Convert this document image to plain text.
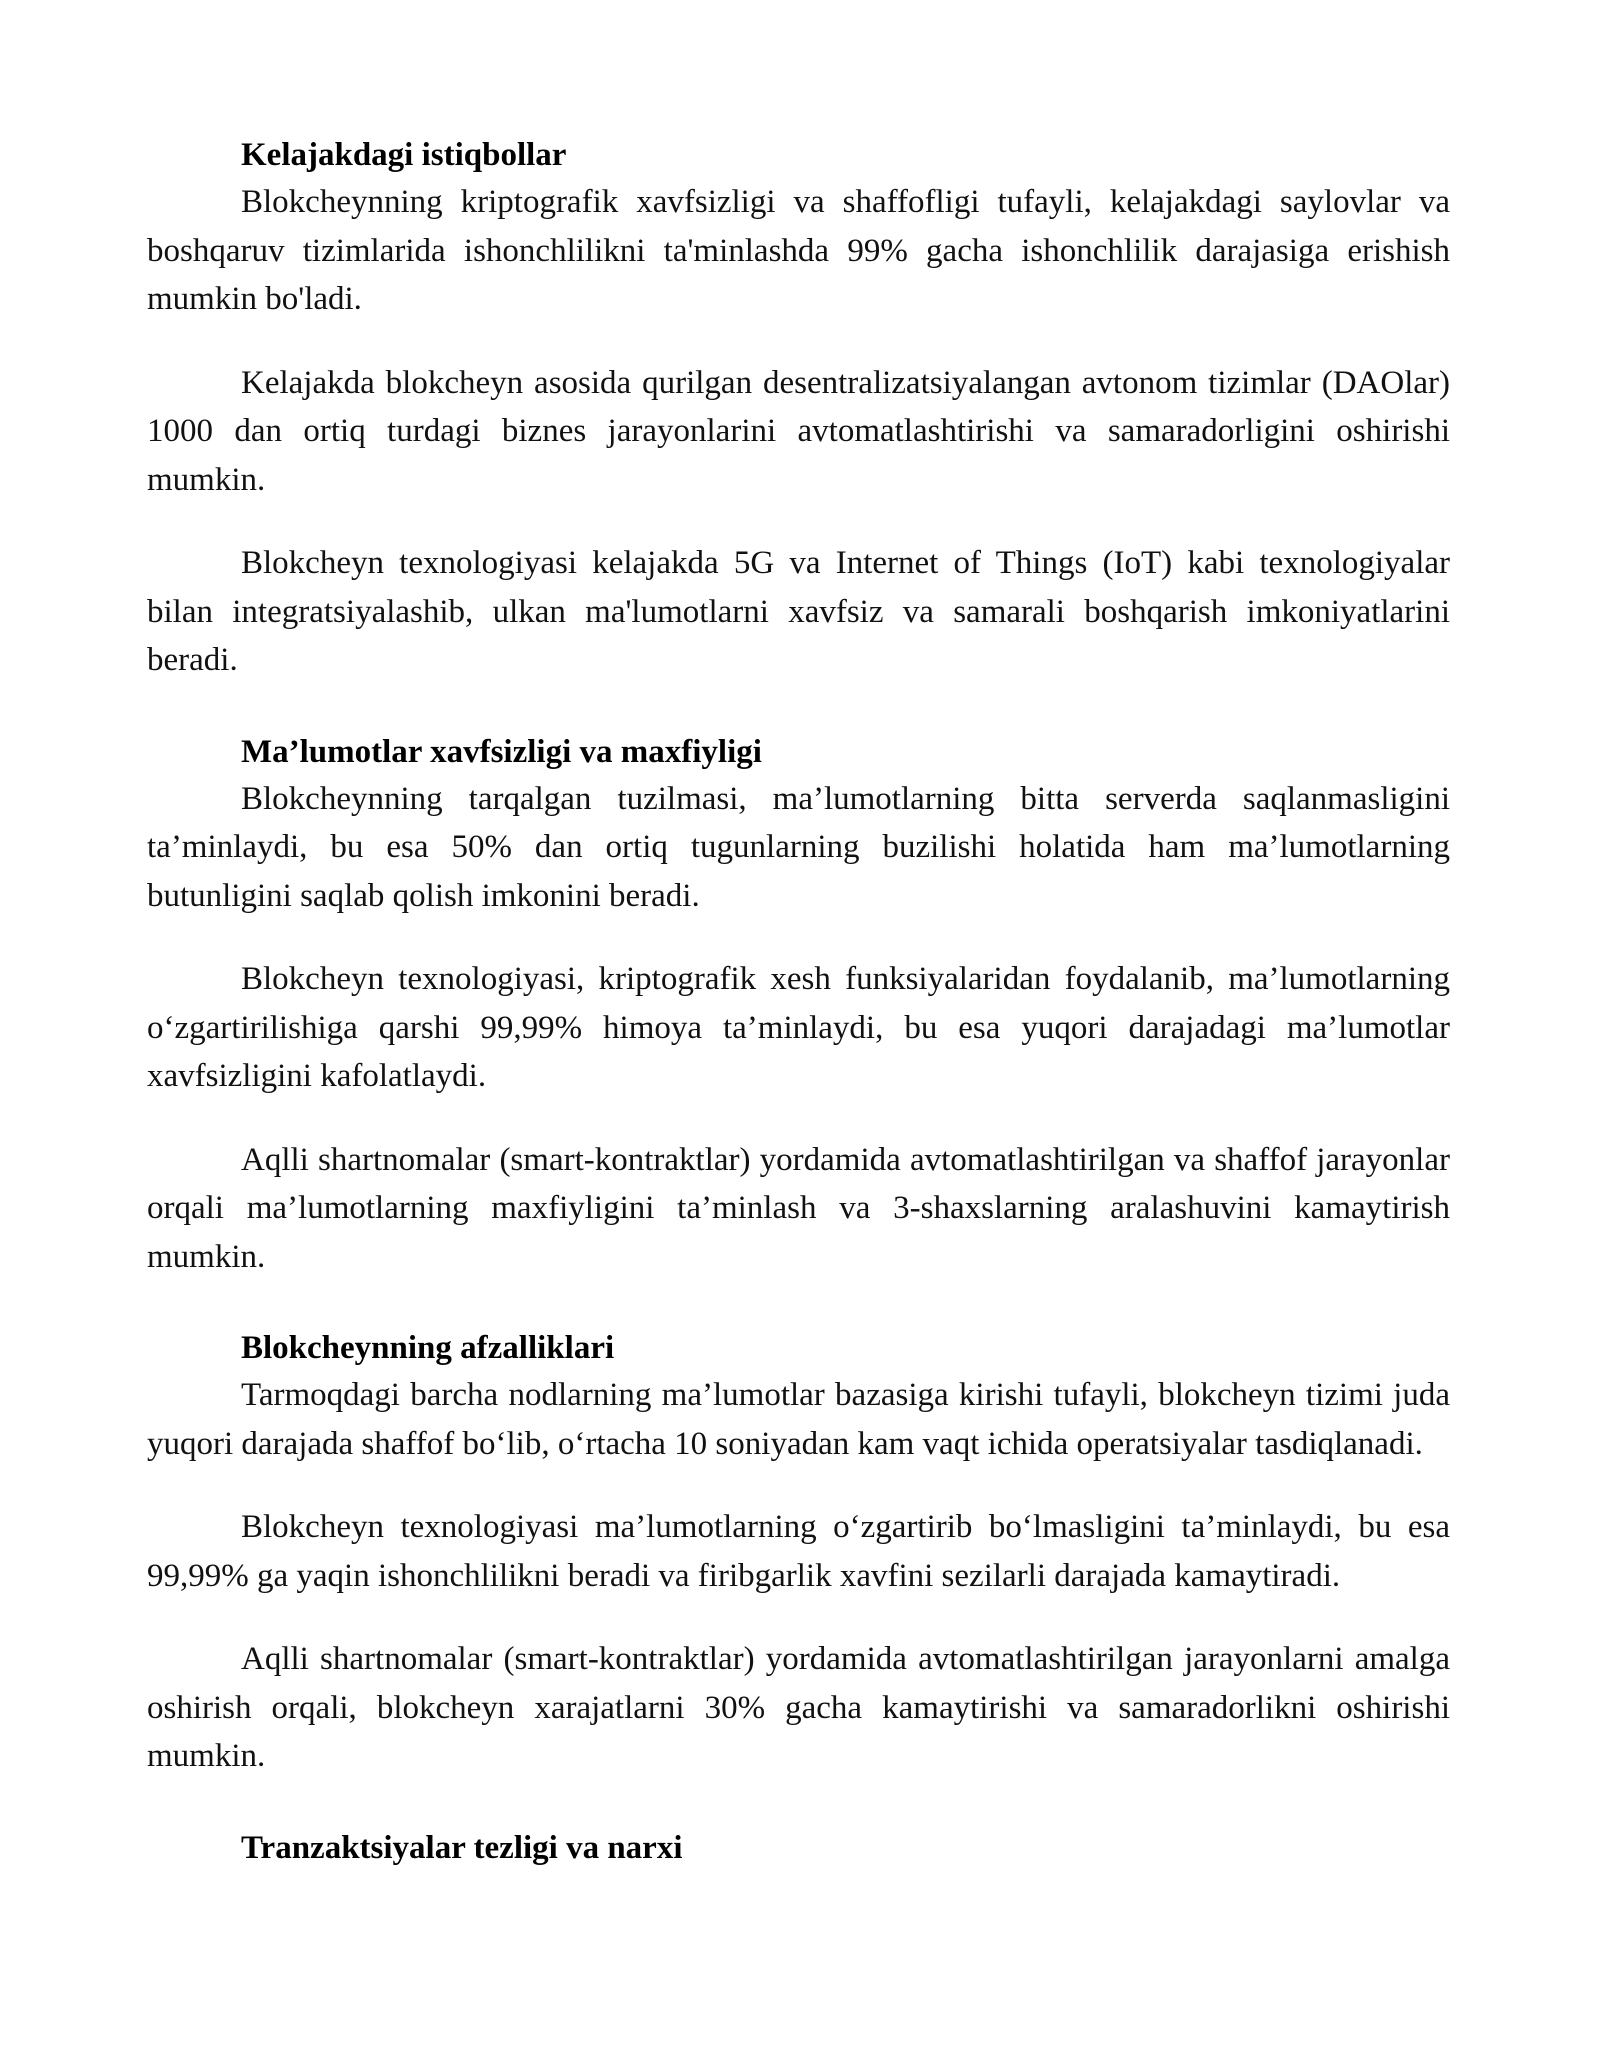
Kelajakdagi istiqbollar

Blokcheynning kriptografik xavfsizligi va shaffofligi tufayli, kelajakdagi saylovlar va boshqaruv tizimlarida ishonchlilikni ta'minlashda 99% gacha ishonchlilik darajasiga erishish mumkin bo'ladi.

Kelajakda blokcheyn asosida qurilgan desentralizatsiyalangan avtonom tizimlar (DAOlar) 1000 dan ortiq turdagi biznes jarayonlarini avtomatlashtirishi va samaradorligini oshirishi mumkin.

Blokcheyn texnologiyasi kelajakda 5G va Internet of Things (IoT) kabi texnologiyalar bilan integratsiyalashib, ulkan ma'lumotlarni xavfsiz va samarali boshqarish imkoniyatlarini beradi.

Ma’lumotlar xavfsizligi va maxfiyligi

Blokcheynning tarqalgan tuzilmasi, ma’lumotlarning bitta serverda saqlanmasligini ta’minlaydi, bu esa 50% dan ortiq tugunlarning buzilishi holatida ham ma’lumotlarning butunligini saqlab qolish imkonini beradi.

Blokcheyn texnologiyasi, kriptografik xesh funksiyalaridan foydalanib, ma’lumotlarning oʻzgartirilishiga qarshi 99,99% himoya ta’minlaydi, bu esa yuqori darajadagi ma’lumotlar xavfsizligini kafolatlaydi.

Aqlli shartnomalar (smart-kontraktlar) yordamida avtomatlashtirilgan va shaffof jarayonlar orqali ma’lumotlarning maxfiyligini ta’minlash va 3-shaxslarning aralashuvini kamaytirish mumkin.

Blokcheynning afzalliklari

Tarmoqdagi barcha nodlarning ma’lumotlar bazasiga kirishi tufayli, blokcheyn tizimi juda yuqori darajada shaffof boʻlib, oʻrtacha 10 soniyadan kam vaqt ichida operatsiyalar tasdiqlanadi.

Blokcheyn texnologiyasi ma’lumotlarning oʻzgartirib boʻlmasligini ta’minlaydi, bu esa 99,99% ga yaqin ishonchlilikni beradi va firibgarlik xavfini sezilarli darajada kamaytiradi.

Aqlli shartnomalar (smart-kontraktlar) yordamida avtomatlashtirilgan jarayonlarni amalga oshirish orqali, blokcheyn xarajatlarni 30% gacha kamaytirishi va samaradorlikni oshirishi mumkin.

Tranzaktsiyalar tezligi va narxi
